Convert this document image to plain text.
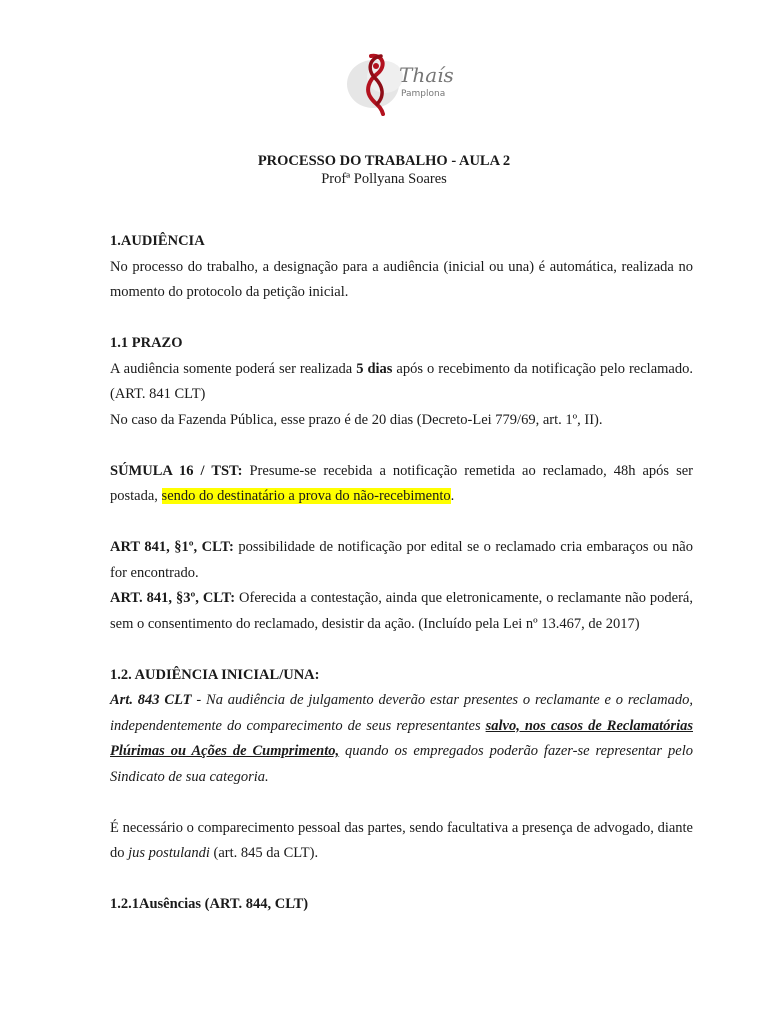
Thaís
Pamplona
PROCESSO DO TRABALHO - AULA 2
Profª Pollyana Soares
1.AUDIÊNCIA

No processo do trabalho, a designação para a audiência (inicial ou una) é automática, realizada no momento do protocolo da petição inicial.

1.1 PRAZO

A audiência somente poderá ser realizada 5 dias após o recebimento da notificação pelo reclamado. (ART. 841 CLT)

No caso da Fazenda Pública, esse prazo é de 20 dias (Decreto-Lei 779/69, art. 1º, II).

SÚMULA 16 / TST: Presume-se recebida a notificação remetida ao reclamado, 48h após ser postada, sendo do destinatário a prova do não-recebimento.

ART 841, §1º, CLT: possibilidade de notificação por edital se o reclamado cria embaraços ou não for encontrado.

ART. 841, §3º, CLT: Oferecida a contestação, ainda que eletronicamente, o reclamante não poderá, sem o consentimento do reclamado, desistir da ação. (Incluído pela Lei nº 13.467, de 2017)

1.2. AUDIÊNCIA INICIAL/UNA:

Art. 843 CLT - Na audiência de julgamento deverão estar presentes o reclamante e o reclamado, independentemente do comparecimento de seus representantes salvo, nos casos de Reclamatórias Plúrimas ou Ações de Cumprimento, quando os empregados poderão fazer-se representar pelo Sindicato de sua categoria.

É necessário o comparecimento pessoal das partes, sendo facultativa a presença de advogado, diante do jus postulandi (art. 845 da CLT).

1.2.1Ausências (ART. 844, CLT)
